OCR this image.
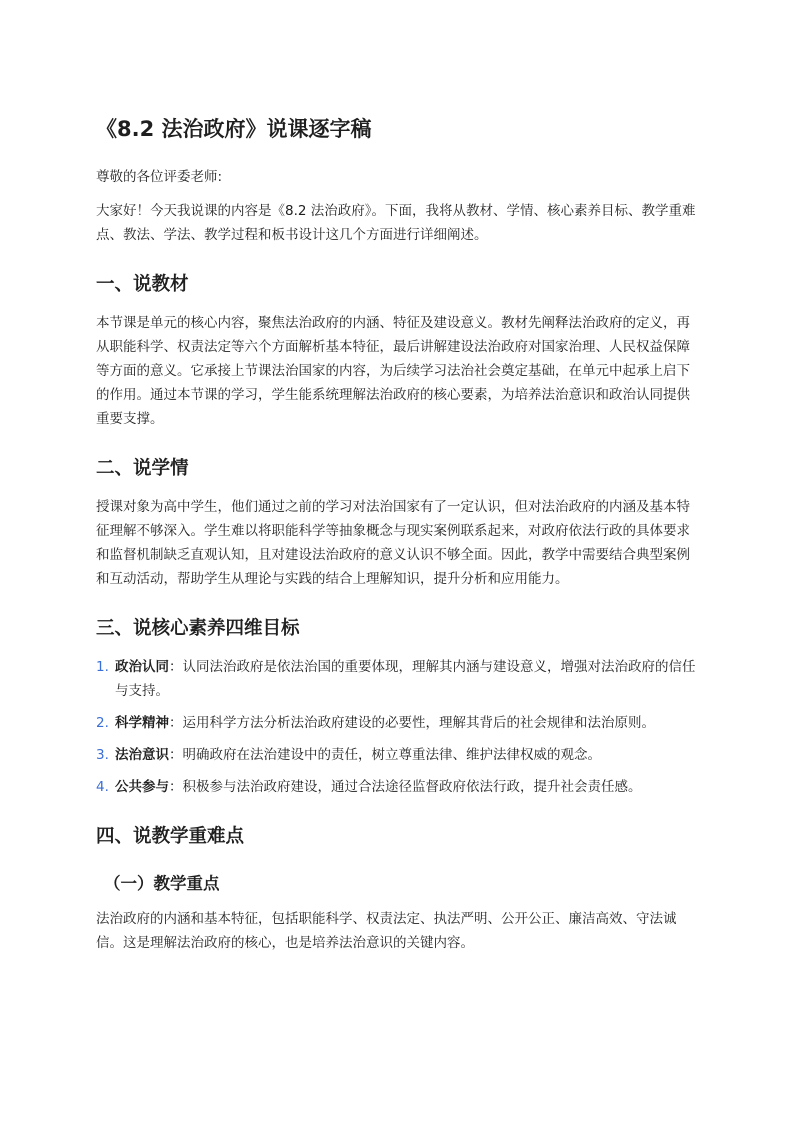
《8.2 法治政府》说课逐字稿

尊敬的各位评委老师:

大家好！今天我说课的内容是《8.2 法治政府》。下面，我将从教材、学情、核心素养目标、教学重难点、教法、学法、教学过程和板书设计这几个方面进行详细阐述。

一、说教材

本节课是单元的核心内容，聚焦法治政府的内涵、特征及建设意义。教材先阐释法治政府的定义，再从职能科学、权责法定等六个方面解析基本特征，最后讲解建设法治政府对国家治理、人民权益保障等方面的意义。它承接上节课法治国家的内容，为后续学习法治社会奠定基础，在单元中起承上启下的作用。通过本节课的学习，学生能系统理解法治政府的核心要素，为培养法治意识和政治认同提供重要支撑。

二、说学情

授课对象为高中学生，他们通过之前的学习对法治国家有了一定认识，但对法治政府的内涵及基本特征理解不够深入。学生难以将职能科学等抽象概念与现实案例联系起来，对政府依法行政的具体要求和监督机制缺乏直观认知，且对建设法治政府的意义认识不够全面。因此，教学中需要结合典型案例和互动活动，帮助学生从理论与实践的结合上理解知识，提升分析和应用能力。

三、说核心素养四维目标
1. 政治认同：认同法治政府是依法治国的重要体现，理解其内涵与建设意义，增强对法治政府的信任与支持。
2. 科学精神：运用科学方法分析法治政府建设的必要性，理解其背后的社会规律和法治原则。
3. 法治意识：明确政府在法治建设中的责任，树立尊重法律、维护法律权威的观念。
4. 公共参与：积极参与法治政府建设，通过合法途径监督政府依法行政，提升社会责任感。
四、说教学重难点
（一）教学重点

法治政府的内涵和基本特征，包括职能科学、权责法定、执法严明、公开公正、廉洁高效、守法诚信。这是理解法治政府的核心，也是培养法治意识的关键内容。
